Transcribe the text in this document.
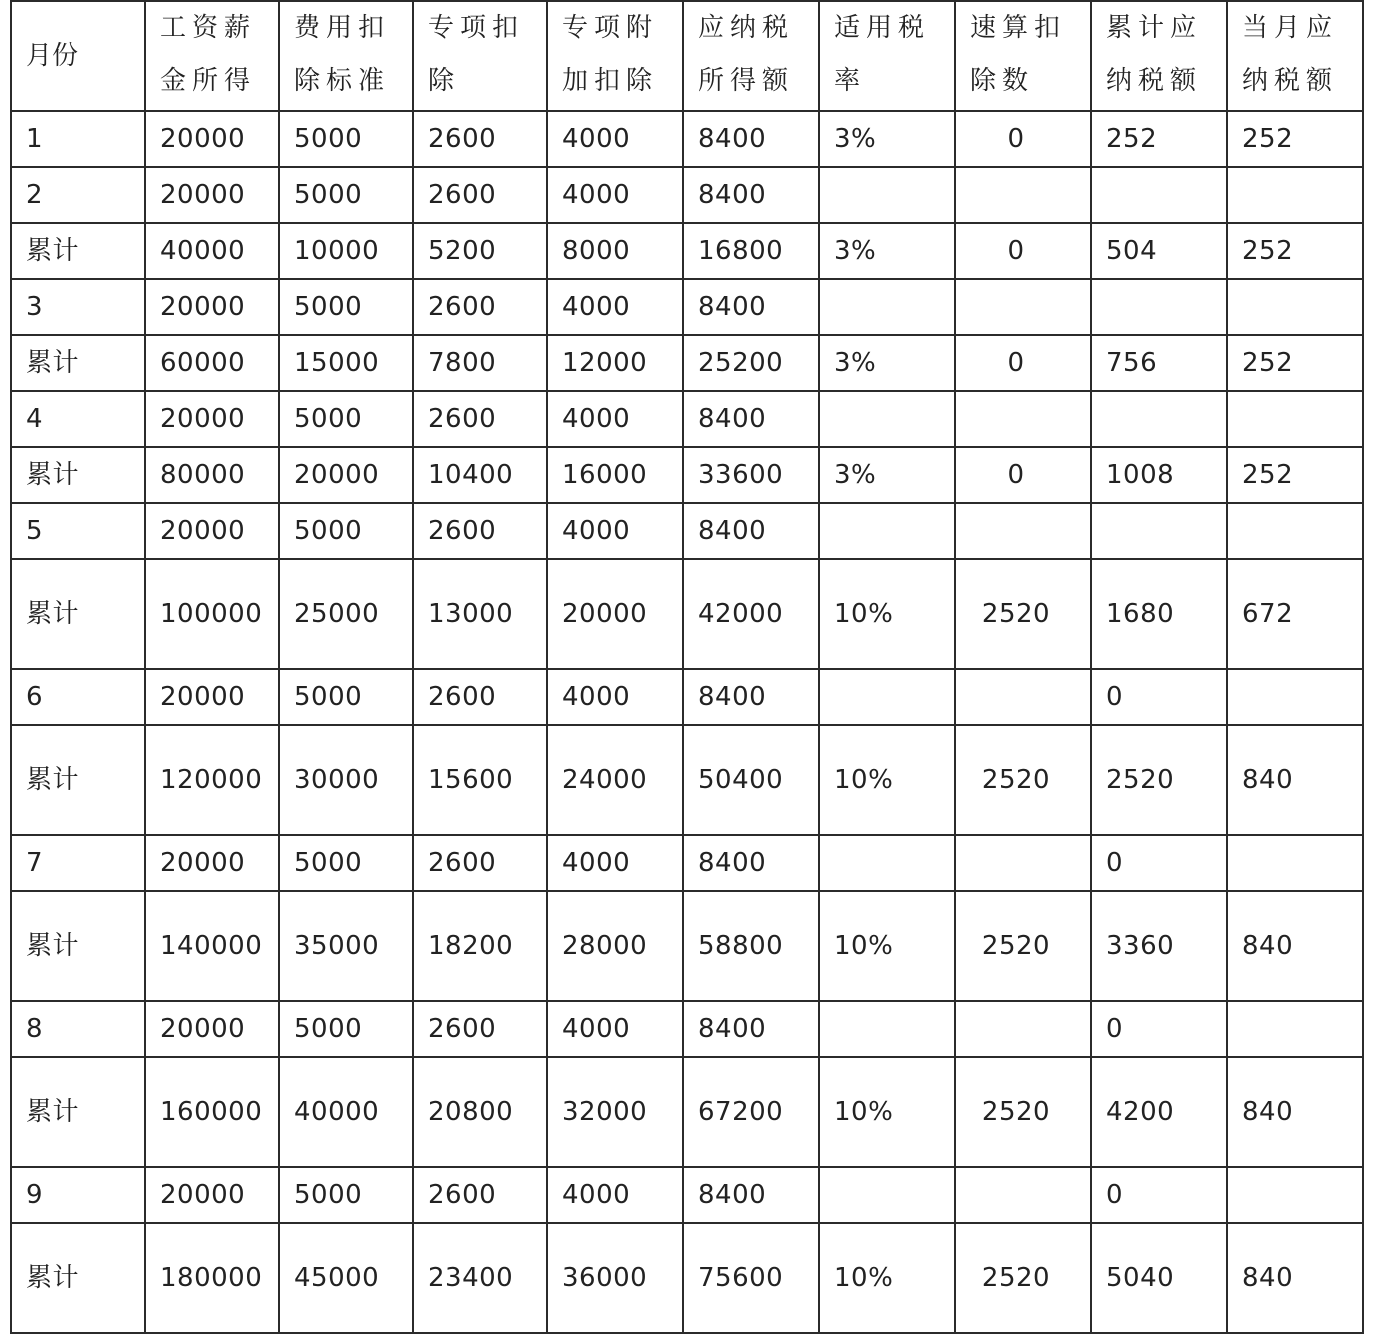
月份	工资薪金所得	费用扣除标准	专项扣除	专项附加扣除	应纳税所得额	适用税率	速算扣除数	累计应纳税额	当月应纳税额

1	20000	5000	2600	4000	8400	3%	0	252	252
2	20000	5000	2600	4000	8400				
累计	40000	10000	5200	8000	16800	3%	0	504	252
3	20000	5000	2600	4000	8400				
累计	60000	15000	7800	12000	25200	3%	0	756	252
4	20000	5000	2600	4000	8400				
累计	80000	20000	10400	16000	33600	3%	0	1008	252
5	20000	5000	2600	4000	8400				
累计	100000	25000	13000	20000	42000	10%	2520	1680	672
6	20000	5000	2600	4000	8400			0	
累计	120000	30000	15600	24000	50400	10%	2520	2520	840
7	20000	5000	2600	4000	8400			0	
累计	140000	35000	18200	28000	58800	10%	2520	3360	840
8	20000	5000	2600	4000	8400			0	
累计	160000	40000	20800	32000	67200	10%	2520	4200	840
9	20000	5000	2600	4000	8400			0	
累计	180000	45000	23400	36000	75600	10%	2520	5040	840
